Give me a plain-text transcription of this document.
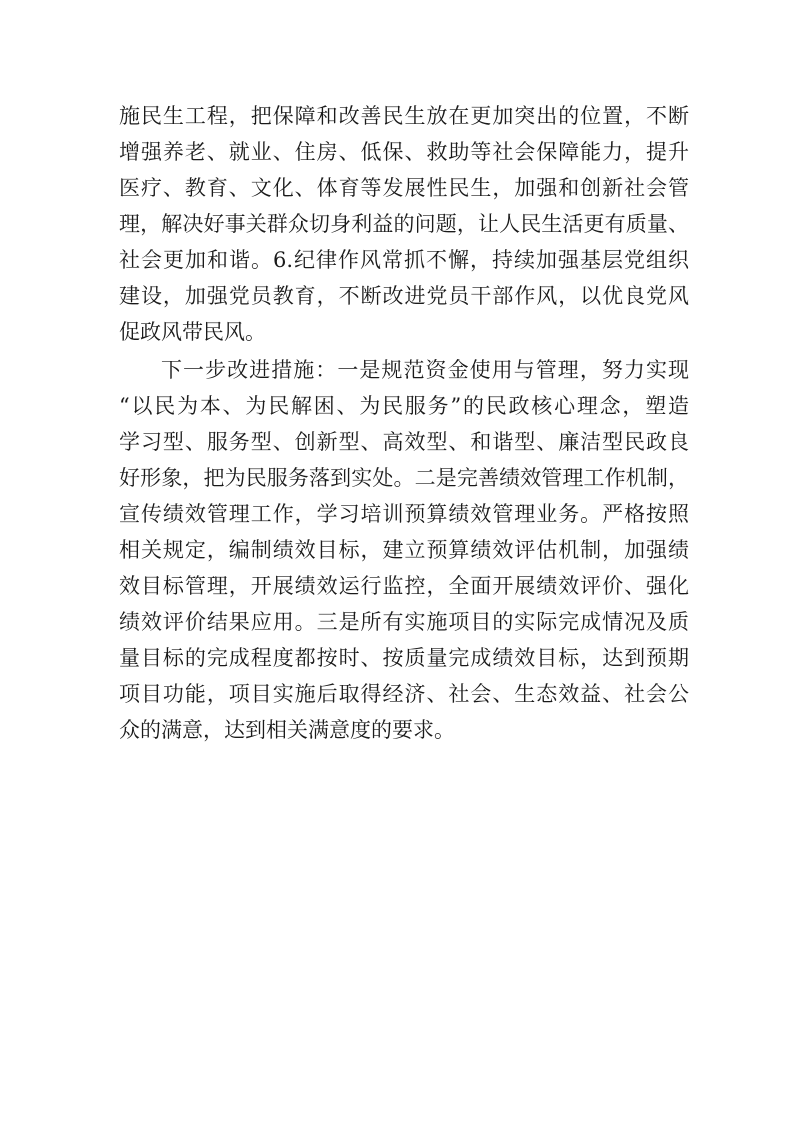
施民生工程，把保障和改善民生放在更加突出的位置，不断
增强养老、就业、住房、低保、救助等社会保障能力，提升
医疗、教育、文化、体育等发展性民生，加强和创新社会管
理，解决好事关群众切身利益的问题，让人民生活更有质量、
社会更加和谐。6.纪律作风常抓不懈，持续加强基层党组织
建设，加强党员教育，不断改进党员干部作风，以优良党风
促政风带民风。
下一步改进措施：一是规范资金使用与管理，努力实现
“以民为本、为民解困、为民服务”的民政核心理念，塑造
学习型、服务型、创新型、高效型、和谐型、廉洁型民政良
好形象，把为民服务落到实处。二是完善绩效管理工作机制，
宣传绩效管理工作，学习培训预算绩效管理业务。严格按照
相关规定，编制绩效目标，建立预算绩效评估机制，加强绩
效目标管理，开展绩效运行监控，全面开展绩效评价、强化
绩效评价结果应用。三是所有实施项目的实际完成情况及质
量目标的完成程度都按时、按质量完成绩效目标，达到预期
项目功能，项目实施后取得经济、社会、生态效益、社会公
众的满意，达到相关满意度的要求。
